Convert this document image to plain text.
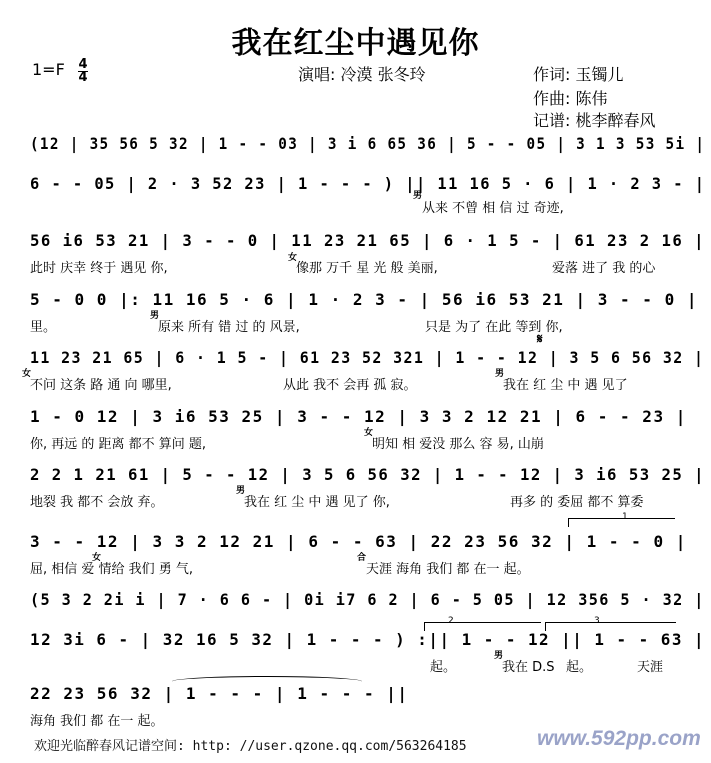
我在红尘中遇见你
1=F 4
4	演唱: 冷漠 张冬玲	作词: 玉镯儿
作曲: 陈伟
记谱: 桃李醉春风
(12 | 35 56 5 32 | 1 - - 03 | 3 i 6 65 36 | 5 - - 05 | 3 1 3 53 5i |
6 - - 05 | 2 · 3 52 23 | 1 - - - ) || 11 16 5 · 6 | 1 · 2 3 - |
男
从来 不曾 相 信 过 奇迹,
56 i6 53 21 | 3 - - 0 | 11 23 21 65 | 6 · 1 5 - | 61 23 2 16 |
此时 庆幸 终于 遇见 你,
女
像那 万千 星 光 般 美丽,	爱落 进了 我 的心
5 - 0 0 |: 11 16 5 · 6 | 1 · 2 3 - | 56 i6 53 21 | 3 - - 0 |
里。
男
原来 所有 错 过 的 风景,	只是 为了 在此 等到 你,
11 23 21 65 | 6 · 1 5 - | 61 23 52 321 | 1 - - 12 | 3 5 6 56 32 |
女
不问 这条 路 通 向 哪里,	从此 我不 会再 孤 寂。
男
我在 红 尘 中 遇 见了
𝄋
1 - 0 12 | 3 i6 53 25 | 3 - - 12 | 3 3 2 12 21 | 6 - - 23 |
你, 再远 的 距离 都不 算问 题,
女
明知 相 爱没 那么 容 易, 山崩
2 2 1 21 61 | 5 - - 12 | 3 5 6 56 32 | 1 - - 12 | 3 i6 53 25 |
地裂 我 都不 会放 弃。
男
我在 红 尘 中 遇 见了 你,	再多 的 委屈 都不 算委
1
3 - - 12 | 3 3 2 12 21 | 6 - - 63 | 22 23 56 32 | 1 - - 0 |
屈, 相信 爱 情给 我们 勇 气,
合
天涯 海角 我们 都 在一 起。
女
(5 3 2 2i i | 7 · 6 6 - | 0i i7 6 2 | 6 - 5 05 | 12 356 5 · 32 |
2	3
12 3i 6 - | 32 16 5 32 | 1 - - - ) :|| 1 - - 12 || 1 - - 63 |
起。
男
我在 D.S 起。	天涯
22 23 56 32 | 1 - - - | 1 - - - ||
海角 我们 都 在一 起。
欢迎光临醉春风记谱空间: http: //user.qzone.qq.com/563264185	www.592pp.com
